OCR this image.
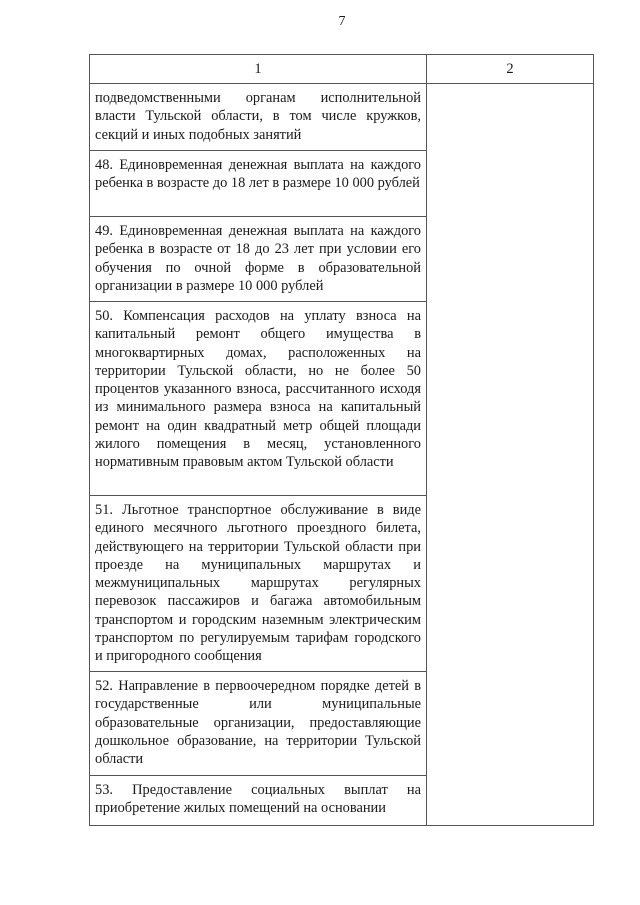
7
1	2

подведомственными органам исполнительной власти Тульской области, в том числе кружков, секций и иных подобных занятий	

48. Единовременная денежная выплата на каждого ребенка в возрасте до 18 лет в размере 10 000 рублей	

49. Единовременная денежная выплата на каждого ребенка в возрасте от 18 до 23 лет при условии его обучения по очной форме в образовательной организации в размере 10 000 рублей	

50. Компенсация расходов на уплату взноса на капитальный ремонт общего имущества в многоквартирных домах, расположенных на территории Тульской области, но не более 50 процентов указанного взноса, рассчитанного исходя из минимального размера взноса на капитальный ремонт на один квадратный метр общей площади жилого помещения в месяц, установленного нормативным правовым актом Тульской области	

51. Льготное транспортное обслуживание в виде единого месячного льготного проездного билета, действующего на территории Тульской области при проезде на муниципальных маршрутах и межмуниципальных маршрутах регулярных перевозок пассажиров и багажа автомобильным транспортом и городским наземным электрическим транспортом по регулируемым тарифам городского и пригородного сообщения	

52. Направление в первоочередном порядке детей в государственные или муниципальные образовательные организации, предоставляющие дошкольное образование, на территории Тульской области	

53. Предоставление социальных выплат на приобретение жилых помещений на основании	
